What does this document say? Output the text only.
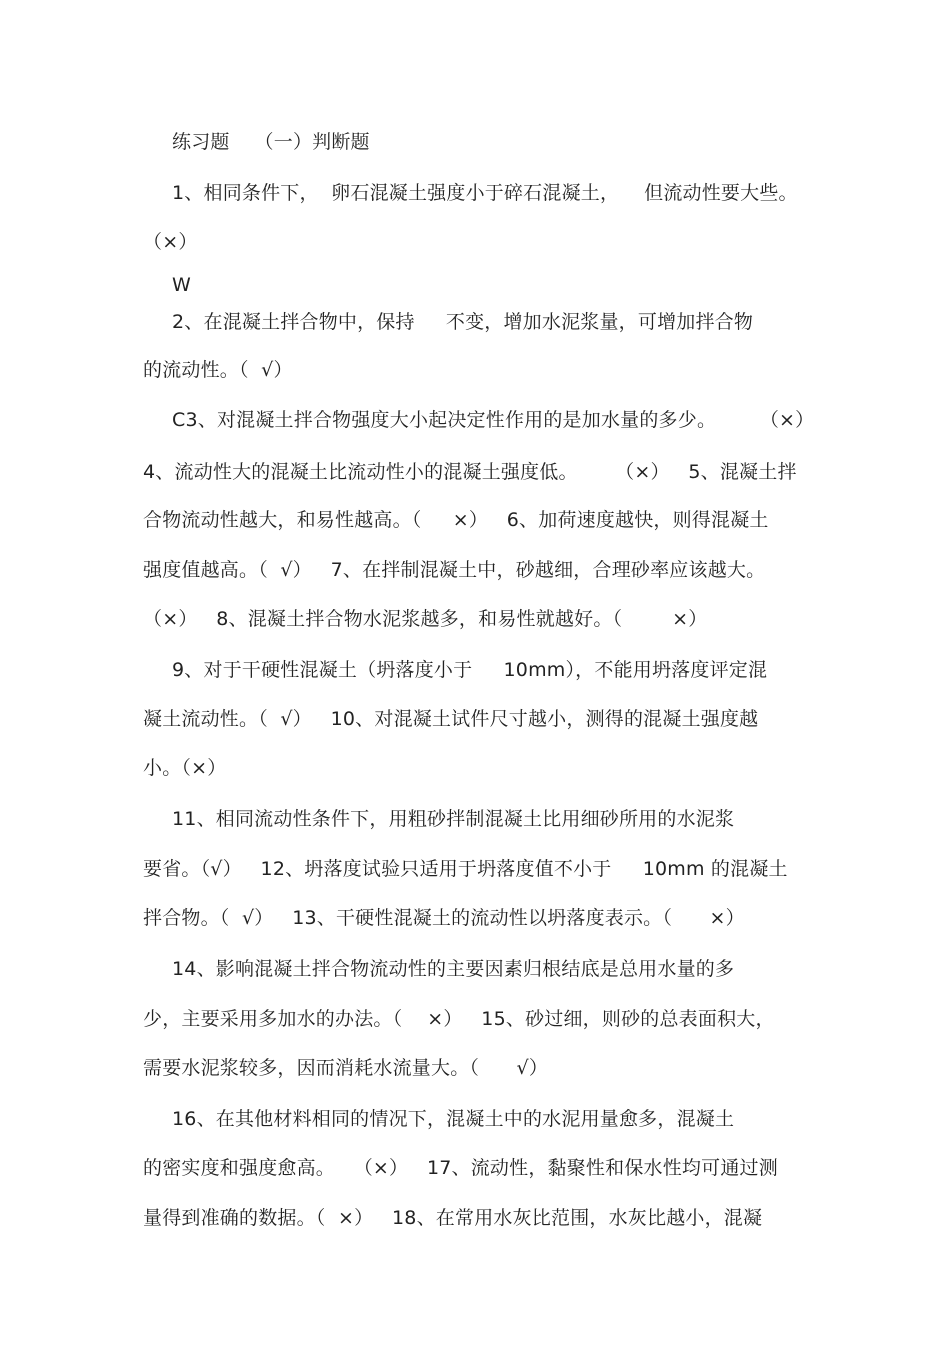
练习题    （一）判断题
1、相同条件下，  卵石混凝土强度小于碎石混凝土，    但流动性要大些。
（×）
W
2、在混凝土拌合物中，保持     不变，增加水泥浆量，可增加拌合物
的流动性。（  √）
C3、对混凝土拌合物强度大小起决定性作用的是加水量的多少。       （×）
4、流动性大的混凝土比流动性小的混凝土强度低。      （×）   5、混凝土拌
合物流动性越大，和易性越高。（     ×）   6、加荷速度越快，则得混凝土
强度值越高。（  √）   7、在拌制混凝土中，砂越细，合理砂率应该越大。
（×）   8、混凝土拌合物水泥浆越多，和易性就越好。（        ×）
9、对于干硬性混凝土（坍落度小于     10mm），不能用坍落度评定混
凝土流动性。（  √）   10、对混凝土试件尺寸越小，测得的混凝土强度越
小。（×）
11、相同流动性条件下，用粗砂拌制混凝土比用细砂所用的水泥浆
要省。（√）   12、坍落度试验只适用于坍落度值不小于     10mm 的混凝土
拌合物。（  √）   13、干硬性混凝土的流动性以坍落度表示。（      ×）
14、影响混凝土拌合物流动性的主要因素归根结底是总用水量的多
少，主要采用多加水的办法。（    ×）   15、砂过细，则砂的总表面积大，
需要水泥浆较多，因而消耗水流量大。（      √）
16、在其他材料相同的情况下，混凝土中的水泥用量愈多，混凝土
的密实度和强度愈高。   （×）   17、流动性，黏聚性和保水性均可通过测
量得到准确的数据。（  ×）   18、在常用水灰比范围，水灰比越小，混凝
